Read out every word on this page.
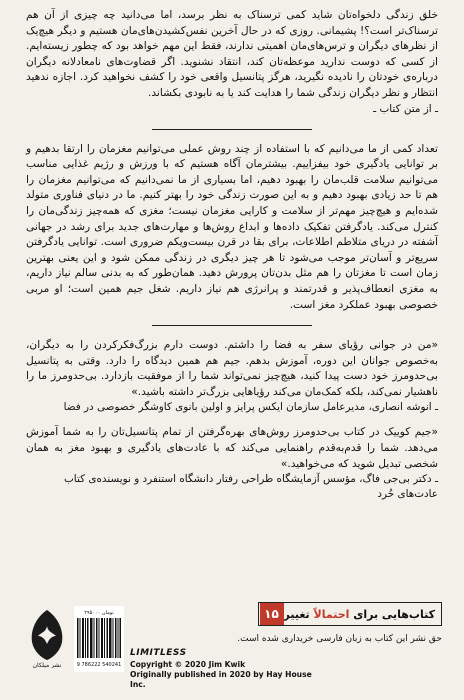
خلق زندگی دلخواه‌تان شاید کمی ترسناک به نظر برسد، اما می‌دانید چه چیزی از آن هم ترسناک‌تر است؟! پشیمانی. روزی که در حال آخرین نفس‌کشیدن‌های‌مان هستیم و دیگر هیچ‌یک از نظرهای دیگران و ترس‌های‌مان اهمیتی ندارند، فقط این مهم خواهد بود که چطور زیسته‌ایم. از کسی که دوست ندارید موعظه‌تان کند، انتقاد نشنوید. اگر قضاوت‌های نامعادلانه دیگران درباره‌ی خودتان را نادیده نگیرید، هرگز پتانسیل واقعی خود را کشف نخواهید کرد. اجازه ندهید انتظار و نظر دیگران زندگی شما را هدایت کند یا به نابودی بکشاند.

ـ از متن کتاب ـ

تعداد کمی از ما می‌دانیم که با استفاده از چند روش عملی می‌توانیم مغزمان را ارتقا بدهیم و بر توانایی یادگیری خود بیفزاییم. بیشترمان آگاه هستیم که با ورزش و رژیم غذایی مناسب می‌توانیم سلامت قلب‌مان را بهبود دهیم، اما بسیاری از ما نمی‌دانیم که می‌توانیم مغزمان را هم تا حد زیادی بهبود دهیم و به این صورت زندگی خود را بهتر کنیم. ما در دنیای فناوری متولد شده‌ایم و هیچ‌چیز مهم‌تر از سلامت و کارایی مغزمان نیست؛ مغزی که همه‌چیز زندگی‌مان را کنترل می‌کند. یادگرفتن تفکیک داده‌ها و ابداع روش‌ها و مهارت‌های جدید برای رشد در جهانی آشفته در دریای متلاطم اطلاعات، برای بقا در قرن بیست‌ویکم ضروری است. توانایی یادگرفتن سریع‌تر و آسان‌تر موجب می‌شود تا هر چیز دیگری در زندگی ممکن شود و این یعنی بهترین زمان است تا مغزتان را هم مثل بدن‌تان پرورش دهید. همان‌طور که به بدنی سالم نیاز داریم، به مغزی انعطاف‌پذیر و قدرتمند و پرانرژی هم نیاز داریم. شغل جیم همین است؛ او مربی خصوصی بهبود عملکرد مغز است.

«من در جوانی رؤیای سفر به فضا را داشتم. دوست دارم بزرگ‌فکرکردن را به دیگران، به‌خصوص جوانان این دوره، آموزش بدهم. جیم هم همین دیدگاه را دارد. وقتی به پتانسیل بی‌حدومرز خود دست پیدا کنید، هیچ‌چیز نمی‌تواند شما را از موفقیت بازدارد. بی‌حدومرز ما را ناهشیار نمی‌کند، بلکه کمک‌مان می‌کند رؤیاهایی بزرگ‌تر داشته باشید.»

ـ انوشه انصاری، مدیرعامل سازمان ایکس پرایز و اولین بانوی کاوشگر خصوصی در فضا

«جیم کوییک در کتاب بی‌حدومرز روش‌های بهره‌گرفتن از تمام پتانسیل‌تان را به شما آموزش می‌دهد. شما را قدم‌به‌قدم راهنمایی می‌کند که با عادت‌های یادگیری و بهبود مغز به همان شخصی تبدیل شوید که می‌خواهید.»

ـ دکتر بی‌جی فاگ، مؤسس آزمایشگاه طراحی رفتار دانشگاه استنفرد و نویسنده‌ی کتاب عادت‌های خُرد

کتاب‌هایی برای احتمالاً تغییر
۱۵
حق نشر این کتاب به زبان فارسی خریداری شده است.
LIMITLESS
Copyright © 2020 Jim Kwik
Originally published in 2020 by Hay House Inc.
9 786222 540241
۲۹۵۰۰۰ تومان
نشر میلکان
